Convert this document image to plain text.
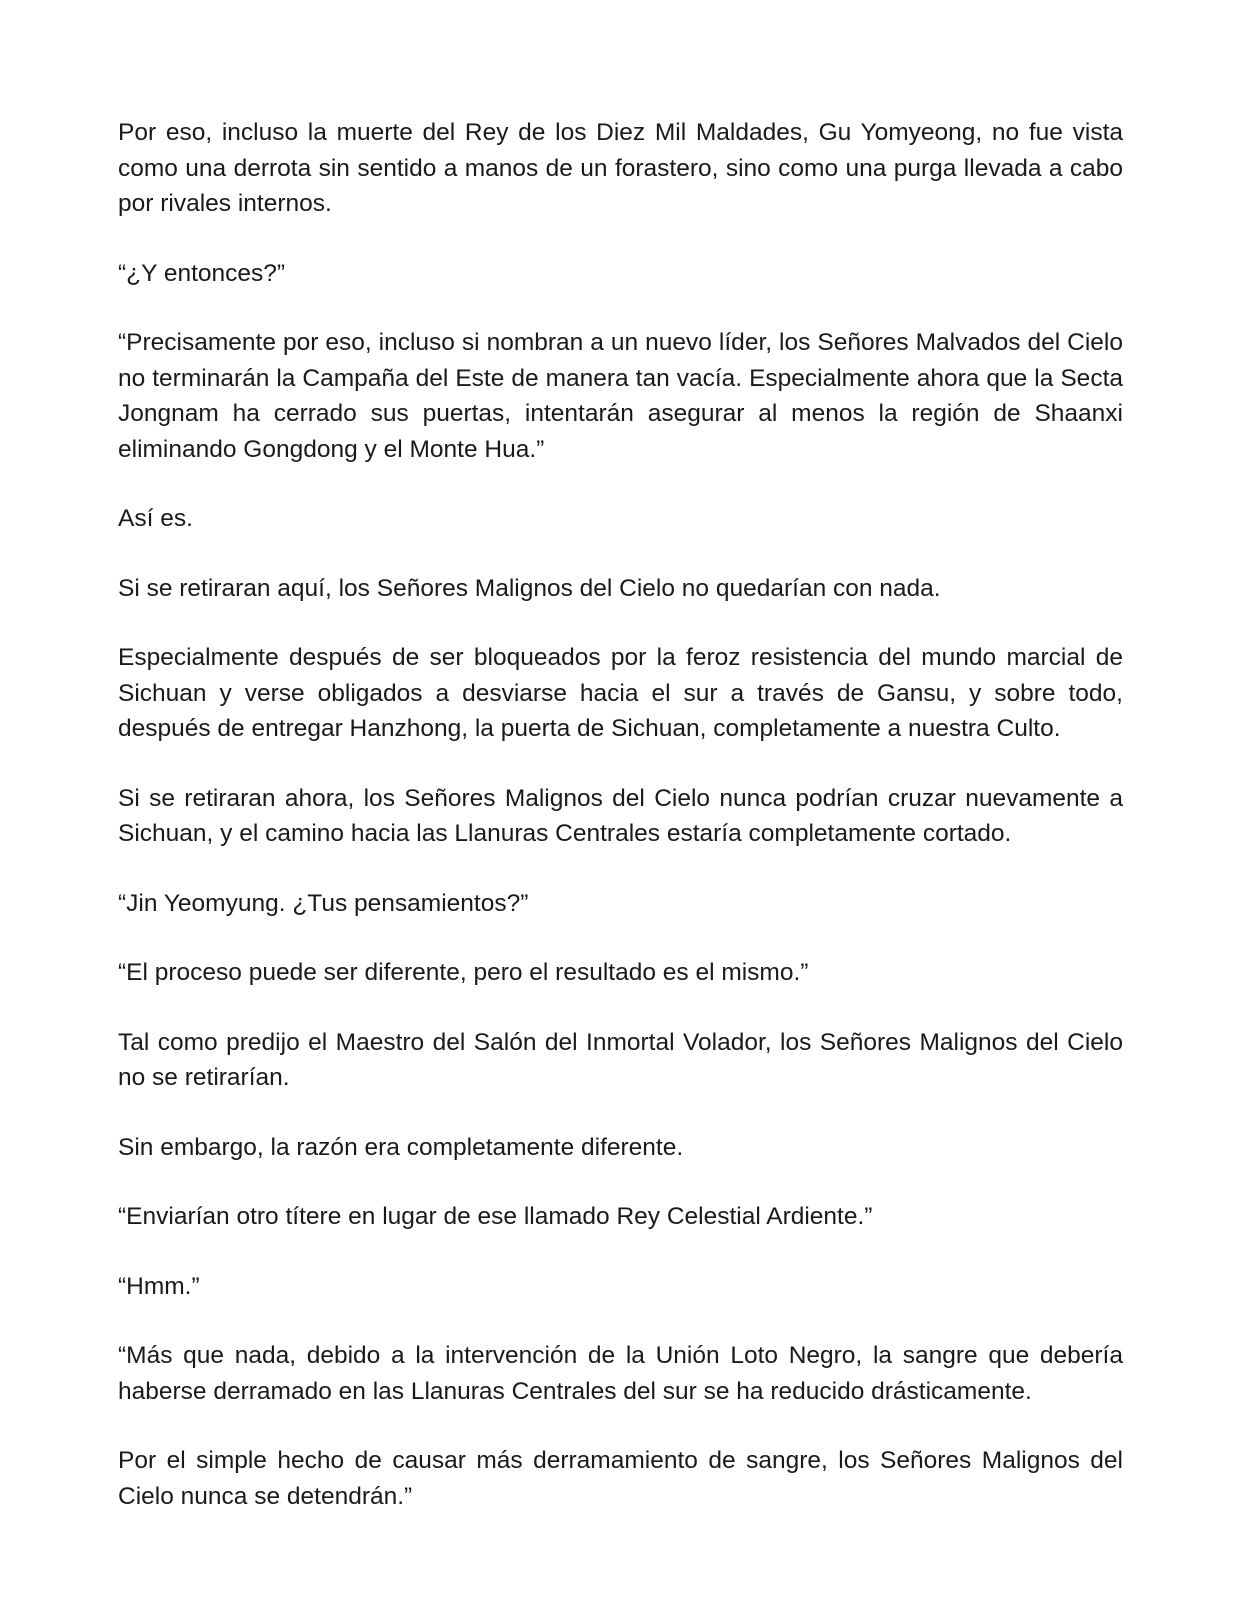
Por eso, incluso la muerte del Rey de los Diez Mil Maldades, Gu Yomyeong, no fue vista como una derrota sin sentido a manos de un forastero, sino como una purga llevada a cabo por rivales internos.

“¿Y entonces?”

“Precisamente por eso, incluso si nombran a un nuevo líder, los Señores Malvados del Cielo no terminarán la Campaña del Este de manera tan vacía. Especialmente ahora que la Secta Jongnam ha cerrado sus puertas, intentarán asegurar al menos la región de Shaanxi eliminando Gongdong y el Monte Hua.”

Así es.

Si se retiraran aquí, los Señores Malignos del Cielo no quedarían con nada.

Especialmente después de ser bloqueados por la feroz resistencia del mundo marcial de Sichuan y verse obligados a desviarse hacia el sur a través de Gansu, y sobre todo, después de entregar Hanzhong, la puerta de Sichuan, completamente a nuestra Culto.

Si se retiraran ahora, los Señores Malignos del Cielo nunca podrían cruzar nuevamente a Sichuan, y el camino hacia las Llanuras Centrales estaría completamente cortado.

“Jin Yeomyung. ¿Tus pensamientos?”

“El proceso puede ser diferente, pero el resultado es el mismo.”

Tal como predijo el Maestro del Salón del Inmortal Volador, los Señores Malignos del Cielo no se retirarían.

Sin embargo, la razón era completamente diferente.

“Enviarían otro títere en lugar de ese llamado Rey Celestial Ardiente.”

“Hmm.”

“Más que nada, debido a la intervención de la Unión Loto Negro, la sangre que debería haberse derramado en las Llanuras Centrales del sur se ha reducido drásticamente.

Por el simple hecho de causar más derramamiento de sangre, los Señores Malignos del Cielo nunca se detendrán.”
